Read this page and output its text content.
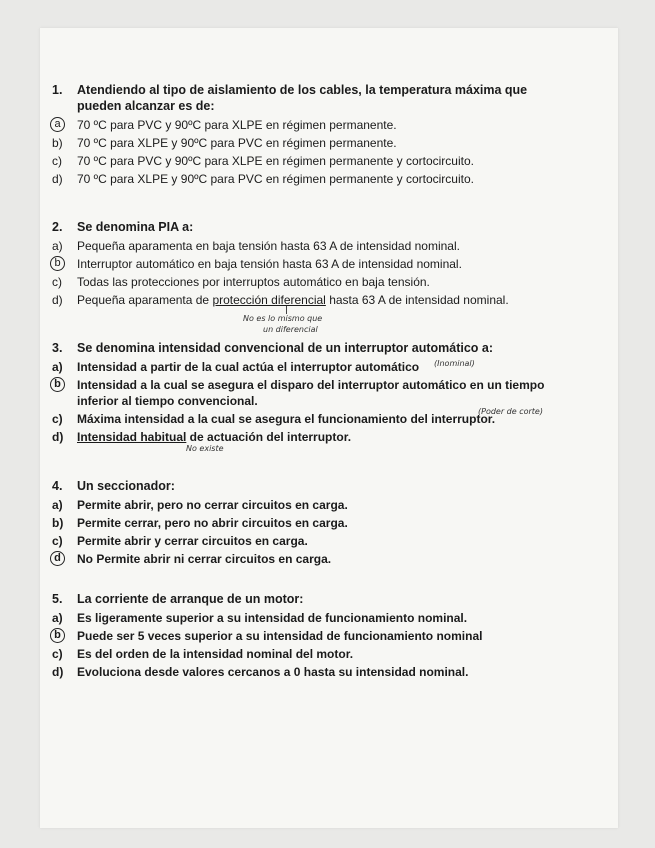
1. Atendiendo al tipo de aislamiento de los cables, la temperatura máxima que pueden alcanzar es de:
a	70 ºC para PVC y 90ºC para XLPE en régimen permanente.
b)	70 ºC para XLPE y 90ºC para PVC en régimen permanente.
c)	70 ºC para PVC y 90ºC para XLPE en régimen permanente y cortocircuito.
d)	70 ºC para XLPE y 90ºC para PVC en régimen permanente y cortocircuito.
2. Se denomina PIA a:
a)	Pequeña aparamenta en baja tensión hasta 63 A de intensidad nominal.
b	Interruptor automático en baja tensión hasta 63 A de intensidad nominal.
c)	Todas las protecciones por interruptos automático en baja tensión.
d)	Pequeña aparamenta de protección diferencial hasta 63 A de intensidad nominal.
No es lo mismo que
un diferencial
3. Se denomina intensidad convencional de un interruptor automático a:
a)	Intensidad a partir de la cual actúa el interruptor automático
b	Intensidad a la cual se asegura el disparo del interruptor automático en un tiempo
inferior al tiempo convencional.
c)	Máxima intensidad a la cual se asegura el funcionamiento del interruptor.
d)	Intensidad habitual de actuación del interruptor.
(Inominal)
(Poder de corte)
No existe
4. Un seccionador:
a)	Permite abrir, pero no cerrar circuitos en carga.
b)	Permite cerrar, pero no abrir circuitos en carga.
c)	Permite abrir y cerrar circuitos en carga.
d	No Permite abrir ni cerrar circuitos en carga.
5. La corriente de arranque de un motor:
a)	Es ligeramente superior a su intensidad de funcionamiento nominal.
b	Puede ser 5 veces superior a su intensidad de funcionamiento nominal
c)	Es del orden de la intensidad nominal del motor.
d)	Evoluciona desde valores cercanos a 0 hasta su intensidad nominal.
